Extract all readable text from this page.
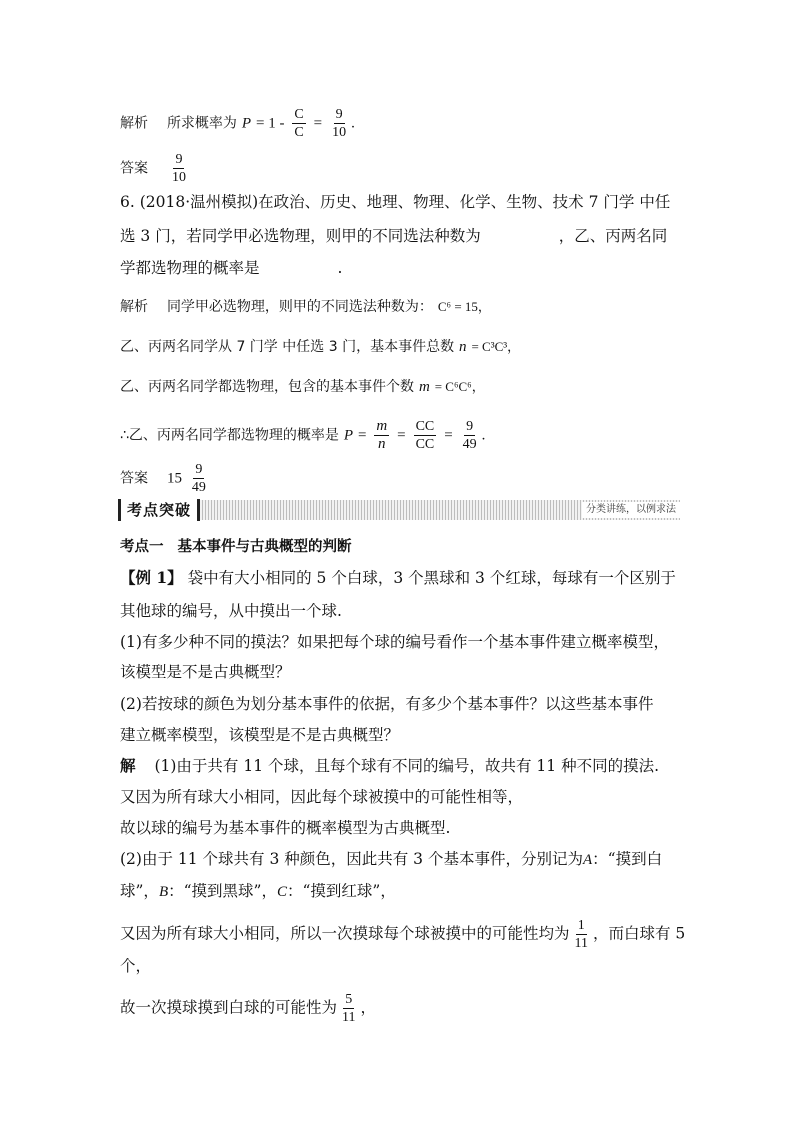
解析 所求概率为 $P = 1 - \frac{C}{C} = \frac{9}{10}$ .
答案 $\frac{9}{10}$
6. (2018·温州模拟)在政治、历史、地理、物理、化学、生物、技术 7 门学 中任
选 3 门，若同学甲必选物理，则甲的不同选法种数为	，乙、丙两名同
学都选物理的概率是	.
解析 同学甲必选物理，则甲的不同选法种数为： C⁶ = 15，
乙、丙两名同学从 7 门学 中任选 3 门，基本事件总数 n = C³C³，
乙、丙两名同学都选物理，包含的基本事件个数 m = C⁶C⁶，
∴乙、丙两名同学都选物理的概率是 $P = \frac{m}{n} = \frac{CC}{CC} = \frac{9}{49}$ .
答案 $15 \frac{9}{49}$
考点突破	分类讲练，以例求法
考点一 基本事件与古典概型的判断
【例 1】 袋中有大小相同的 5 个白球，3 个黑球和 3 个红球，每球有一个区别于
其他球的编号，从中摸出一个球.
(1)有多少种不同的摸法？如果把每个球的编号看作一个基本事件建立概率模型，
该模型是不是古典概型？
(2)若按球的颜色为划分基本事件的依据，有多少个基本事件？以这些基本事件
建立概率模型，该模型是不是古典概型？
解 (1)由于共有 11 个球，且每个球有不同的编号，故共有 11 种不同的摸法.
又因为所有球大小相同，因此每个球被摸中的可能性相等，
故以球的编号为基本事件的概率模型为古典概型.
(2)由于 11 个球共有 3 种颜色，因此共有 3 个基本事件，分别记为A：“摸到白
球”，B：“摸到黑球”，C：“摸到红球”，
又因为所有球大小相同，所以一次摸球每个球被摸中的可能性均为 $\frac{1}{11}$ ，而白球有 5
个，
故一次摸球摸到白球的可能性为 $\frac{5}{11}$ ，
